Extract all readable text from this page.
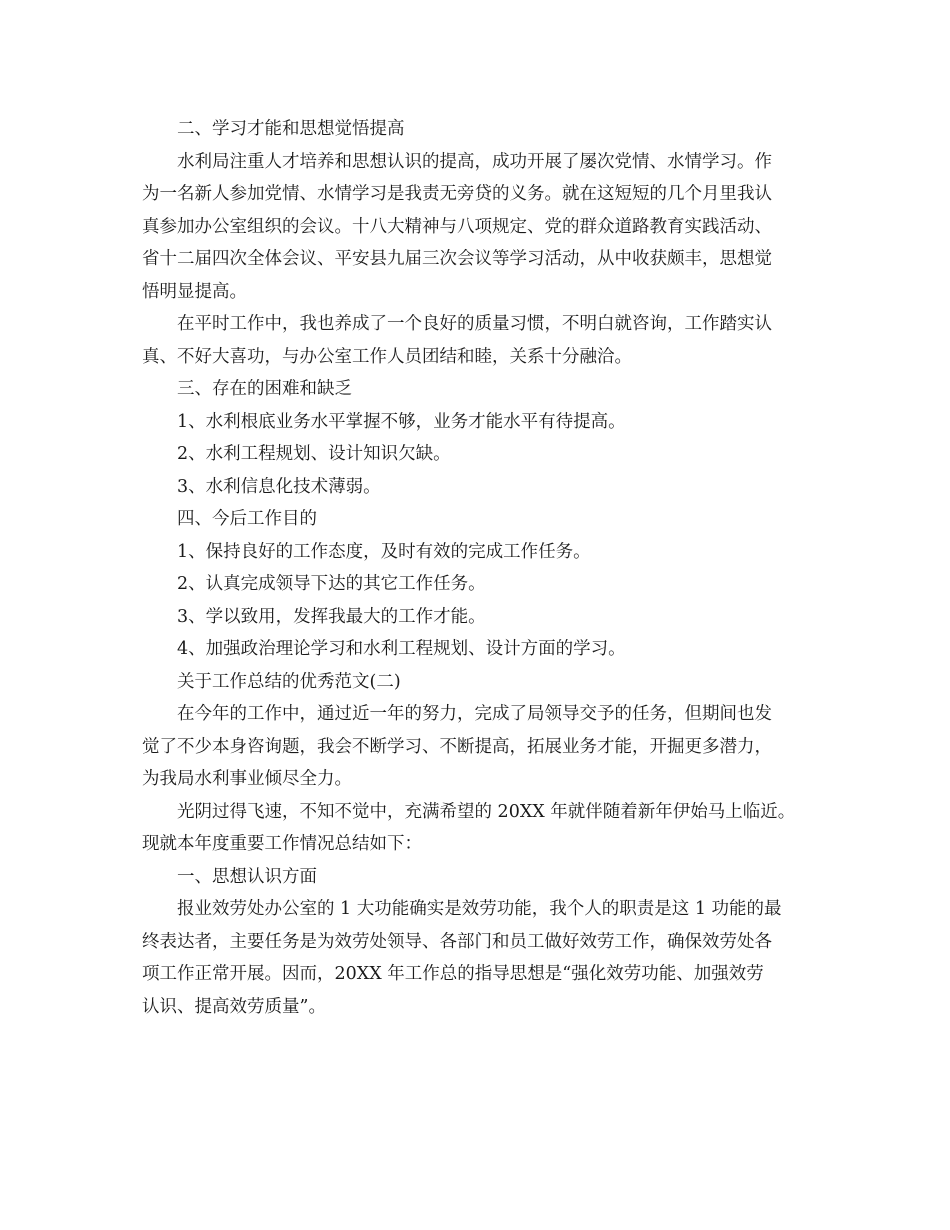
二、学习才能和思想觉悟提高

水利局注重人才培养和思想认识的提高，成功开展了屡次党情、水情学习。作
为一名新人参加党情、水情学习是我责无旁贷的义务。就在这短短的几个月里我认
真参加办公室组织的会议。十八大精神与八项规定、党的群众道路教育实践活动、
省十二届四次全体会议、平安县九届三次会议等学习活动，从中收获颇丰，思想觉
悟明显提高。

在平时工作中，我也养成了一个良好的质量习惯，不明白就咨询，工作踏实认
真、不好大喜功，与办公室工作人员团结和睦，关系十分融洽。

三、存在的困难和缺乏

1、水利根底业务水平掌握不够，业务才能水平有待提高。

2、水利工程规划、设计知识欠缺。

3、水利信息化技术薄弱。

四、今后工作目的

1、保持良好的工作态度，及时有效的完成工作任务。

2、认真完成领导下达的其它工作任务。

3、学以致用，发挥我最大的工作才能。

4、加强政治理论学习和水利工程规划、设计方面的学习。

关于工作总结的优秀范文(二)

在今年的工作中，通过近一年的努力，完成了局领导交予的任务，但期间也发
觉了不少本身咨询题，我会不断学习、不断提高，拓展业务才能，开掘更多潜力，
为我局水利事业倾尽全力。

光阴过得飞速，不知不觉中，充满希望的 20XX 年就伴随着新年伊始马上临近。
现就本年度重要工作情况总结如下：

一、思想认识方面

报业效劳处办公室的 1 大功能确实是效劳功能，我个人的职责是这 1 功能的最
终表达者，主要任务是为效劳处领导、各部门和员工做好效劳工作，确保效劳处各
项工作正常开展。因而，20XX 年工作总的指导思想是“强化效劳功能、加强效劳
认识、提高效劳质量”。
